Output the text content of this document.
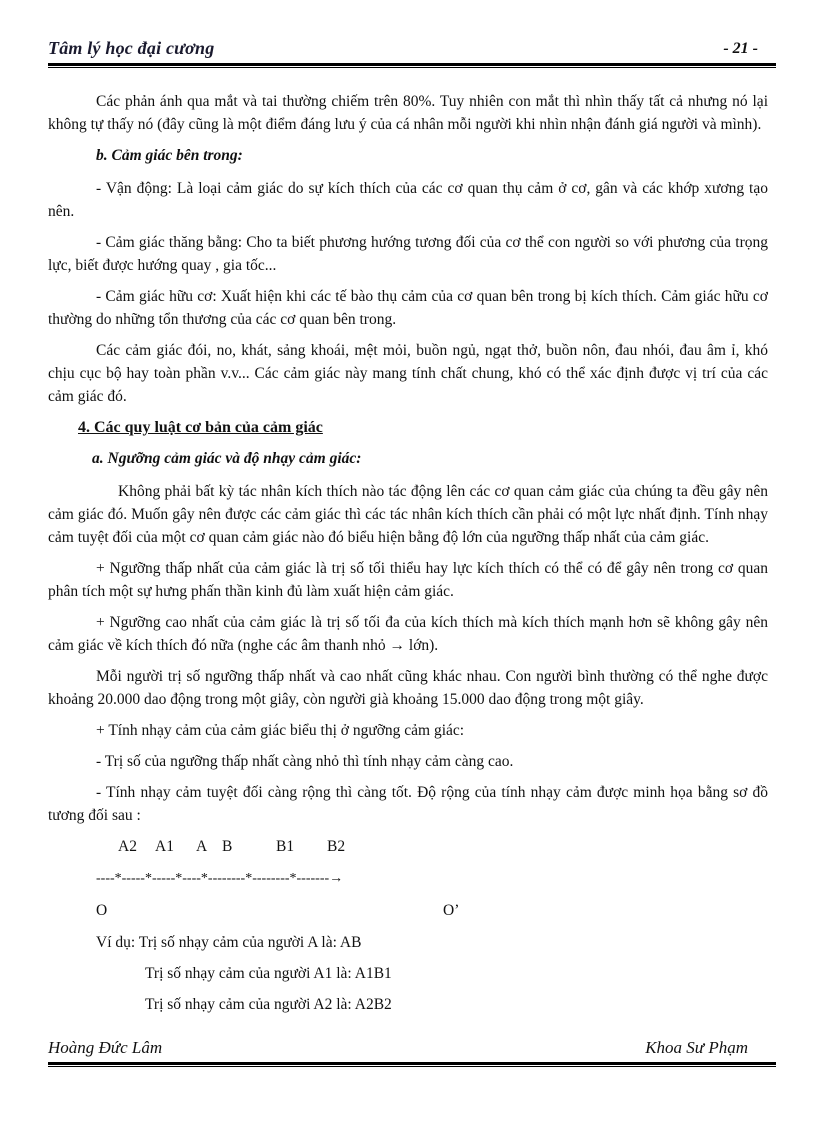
Tâm lý học đại cương	- 21 -

Các phản ánh qua mắt và tai thường chiếm trên 80%. Tuy nhiên con mắt thì nhìn thấy tất cả nhưng nó lại không tự thấy nó (đây cũng là một điểm đáng lưu ý của cá nhân mỗi người khi nhìn nhận đánh giá người và mình).

b. Cảm giác bên trong:

- Vận động: Là loại cảm giác do sự kích thích của các cơ quan thụ cảm ở cơ, gân và các khớp xương tạo nên.

- Cảm giác thăng bằng: Cho ta biết phương hướng tương đối của cơ thể con người so với phương của trọng lực, biết được hướng quay , gia tốc...

- Cảm giác hữu cơ: Xuất hiện khi các tế bào thụ cảm của cơ quan bên trong bị kích thích. Cảm giác hữu cơ thường do những tổn thương của các cơ quan bên trong.

Các cảm giác đói, no, khát, sảng khoái, mệt mỏi, buồn ngủ, ngạt thở, buồn nôn, đau nhói, đau âm ỉ, khó chịu cục bộ hay toàn phần v.v... Các cảm giác này mang tính chất chung, khó có thể xác định được vị trí của các cảm giác đó.

4. Các quy luật cơ bản của cảm giác
a. Ngưỡng cảm giác và độ nhạy cảm giác:

Không phải bất kỳ tác nhân kích thích nào tác động lên các cơ quan cảm giác của chúng ta đều gây nên cảm giác đó. Muốn gây nên được các cảm giác thì các tác nhân kích thích cần phải có một lực nhất định. Tính nhạy cảm tuyệt đối của một cơ quan cảm giác nào đó biểu hiện bằng độ lớn của ngưỡng thấp nhất của cảm giác.

+ Ngưỡng thấp nhất của cảm giác là trị số tối thiểu hay lực kích thích có thể có để gây nên trong cơ quan phân tích một sự hưng phấn thần kinh đủ làm xuất hiện cảm giác.

+ Ngưỡng cao nhất của cảm giác là trị số tối đa của kích thích mà kích thích mạnh hơn sẽ không gây nên cảm giác về kích thích đó nữa (nghe các âm thanh nhỏ → lớn).

Mỗi người trị số ngưỡng thấp nhất và cao nhất cũng khác nhau. Con người bình thường có thể nghe được khoảng 20.000 dao động trong một giây, còn người già khoảng 15.000 dao động trong một giây.

+ Tính nhạy cảm của cảm giác biểu thị ở ngưỡng cảm giác:
- Trị số của ngưỡng thấp nhất càng nhỏ thì tính nhạy cảm càng cao.

- Tính nhạy cảm tuyệt đối càng rộng thì càng tốt. Độ rộng của tính nhạy cảm được minh họa bằng sơ đồ tương đối sau :

A2 A1 A B	B1 B2
----*-----*-----*----*--------*--------*-------→
O	O’
Ví dụ: Trị số nhạy cảm của người A là: AB
Trị số nhạy cảm của người A1 là: A1B1
Trị số nhạy cảm của người A2 là: A2B2
Hoàng Đức Lâm	Khoa Sư Phạm
